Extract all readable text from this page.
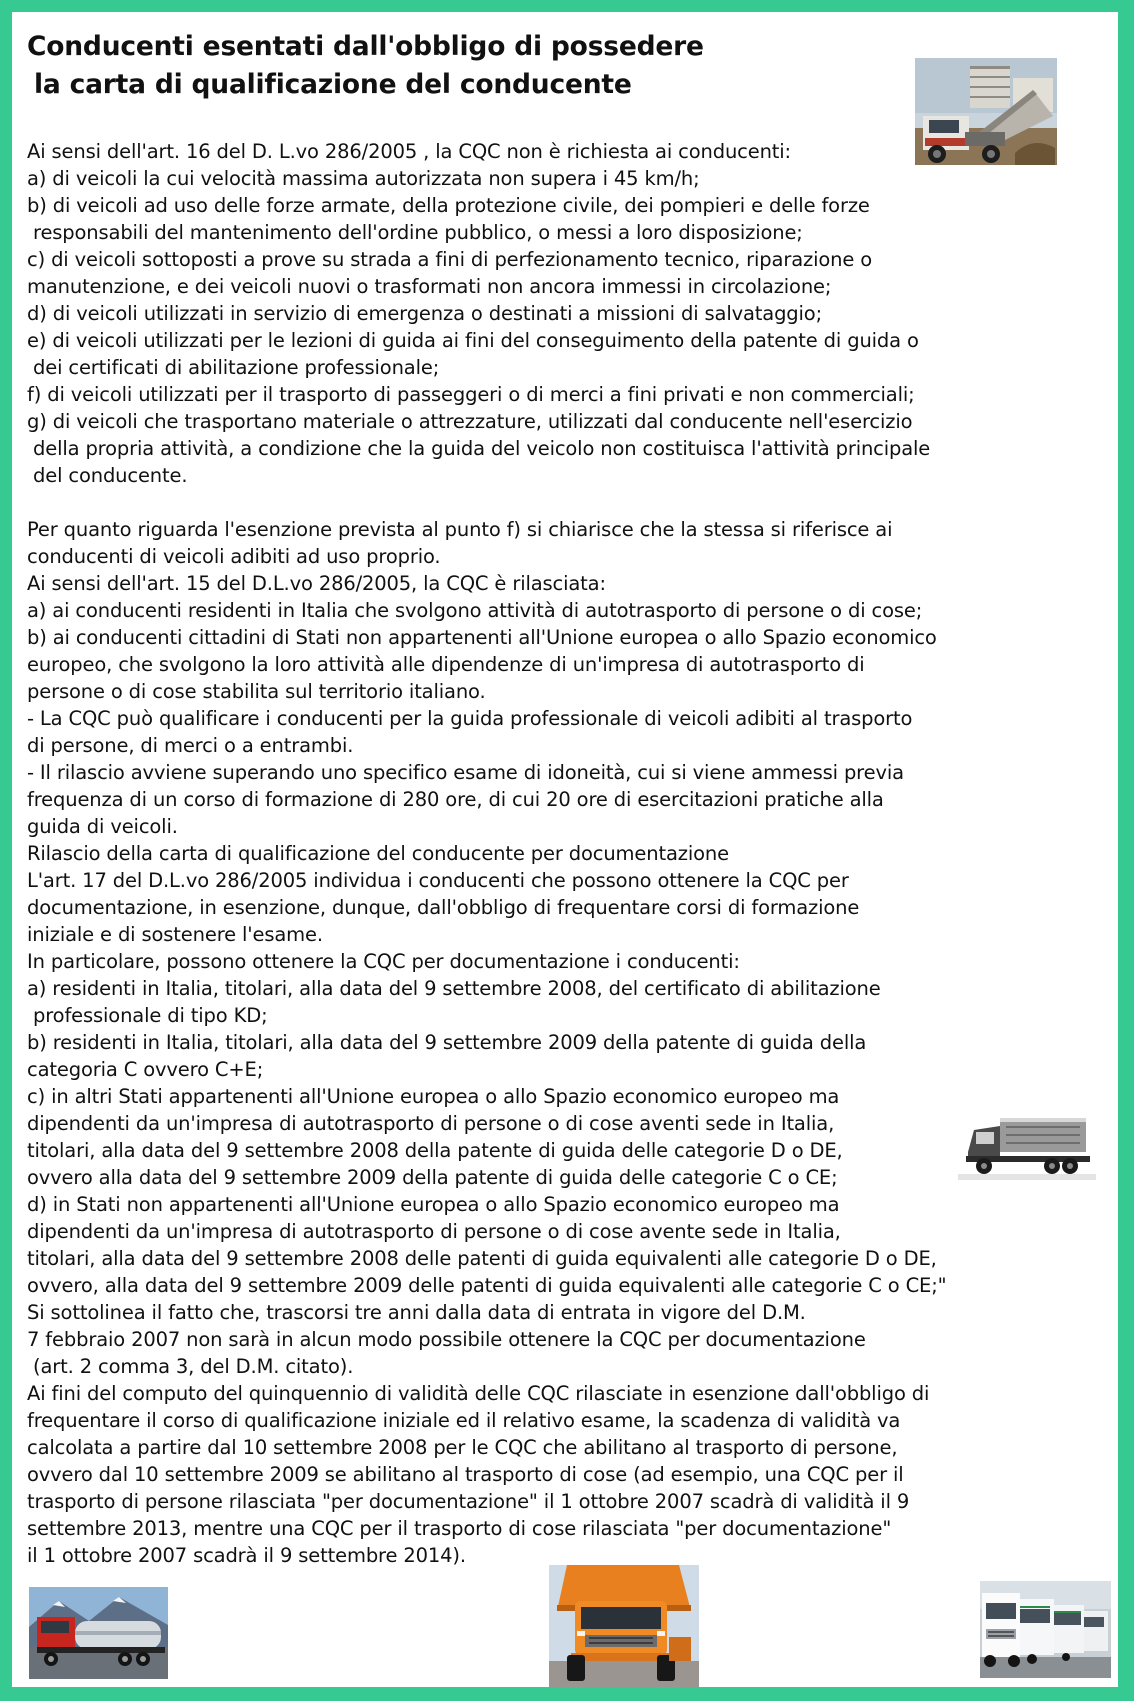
Conducenti esentati dall'obbligo di possedere
la carta di qualificazione del conducente

Ai sensi dell'art. 16 del D. L.vo 286/2005 , la CQC non è richiesta ai conducenti:

a) di veicoli la cui velocità massima autorizzata non supera i 45 km/h;

b) di veicoli ad uso delle forze armate, della protezione civile, dei pompieri e delle forze

responsabili del mantenimento dell'ordine pubblico, o messi a loro disposizione;

c) di veicoli sottoposti a prove su strada a fini di perfezionamento tecnico, riparazione o

manutenzione, e dei veicoli nuovi o trasformati non ancora immessi in circolazione;

d) di veicoli utilizzati in servizio di emergenza o destinati a missioni di salvataggio;

e) di veicoli utilizzati per le lezioni di guida ai fini del conseguimento della patente di guida o

dei certificati di abilitazione professionale;

f) di veicoli utilizzati per il trasporto di passeggeri o di merci a fini privati e non commerciali;

g) di veicoli che trasportano materiale o attrezzature, utilizzati dal conducente nell'esercizio

della propria attività, a condizione che la guida del veicolo non costituisca l'attività principale

del conducente.

Per quanto riguarda l'esenzione prevista al punto f) si chiarisce che la stessa si riferisce ai

conducenti di veicoli adibiti ad uso proprio.

Ai sensi dell'art. 15 del D.L.vo 286/2005, la CQC è rilasciata:

a) ai conducenti residenti in Italia che svolgono attività di autotrasporto di persone o di cose;

b) ai conducenti cittadini di Stati non appartenenti all'Unione europea o allo Spazio economico

europeo, che svolgono la loro attività alle dipendenze di un'impresa di autotrasporto di

persone o di cose stabilita sul territorio italiano.

- La CQC può qualificare i conducenti per la guida professionale di veicoli adibiti al trasporto

di persone, di merci o a entrambi.

- Il rilascio avviene superando uno specifico esame di idoneità, cui si viene ammessi previa

frequenza di un corso di formazione di 280 ore, di cui 20 ore di esercitazioni pratiche alla

guida di veicoli.

Rilascio della carta di qualificazione del conducente per documentazione

L'art. 17 del D.L.vo 286/2005 individua i conducenti che possono ottenere la CQC per

documentazione, in esenzione, dunque, dall'obbligo di frequentare corsi di formazione

iniziale e di sostenere l'esame.

In particolare, possono ottenere la CQC per documentazione i conducenti:

a) residenti in Italia, titolari, alla data del 9 settembre 2008, del certificato di abilitazione

professionale di tipo KD;

b) residenti in Italia, titolari, alla data del 9 settembre 2009 della patente di guida della

categoria C ovvero C+E;

c) in altri Stati appartenenti all'Unione europea o allo Spazio economico europeo ma

dipendenti da un'impresa di autotrasporto di persone o di cose aventi sede in Italia,

titolari, alla data del 9 settembre 2008 della patente di guida delle categorie D o DE,

ovvero alla data del 9 settembre 2009 della patente di guida delle categorie C o CE;

d) in Stati non appartenenti all'Unione europea o allo Spazio economico europeo ma

dipendenti da un'impresa di autotrasporto di persone o di cose avente sede in Italia,

titolari, alla data del 9 settembre 2008 delle patenti di guida equivalenti alle categorie D o DE,

ovvero, alla data del 9 settembre 2009 delle patenti di guida equivalenti alle categorie C o CE;"

Si sottolinea il fatto che, trascorsi tre anni dalla data di entrata in vigore del D.M.

7 febbraio 2007 non sarà in alcun modo possibile ottenere la CQC per documentazione

(art. 2 comma 3, del D.M. citato).

Ai fini del computo del quinquennio di validità delle CQC rilasciate in esenzione dall'obbligo di

frequentare il corso di qualificazione iniziale ed il relativo esame, la scadenza di validità va

calcolata a partire dal 10 settembre 2008 per le CQC che abilitano al trasporto di persone,

ovvero dal 10 settembre 2009 se abilitano al trasporto di cose (ad esempio, una CQC per il

trasporto di persone rilasciata "per documentazione" il 1 ottobre 2007 scadrà di validità il 9

settembre 2013, mentre una CQC per il trasporto di cose rilasciata "per documentazione"

il 1 ottobre 2007 scadrà il 9 settembre 2014).
